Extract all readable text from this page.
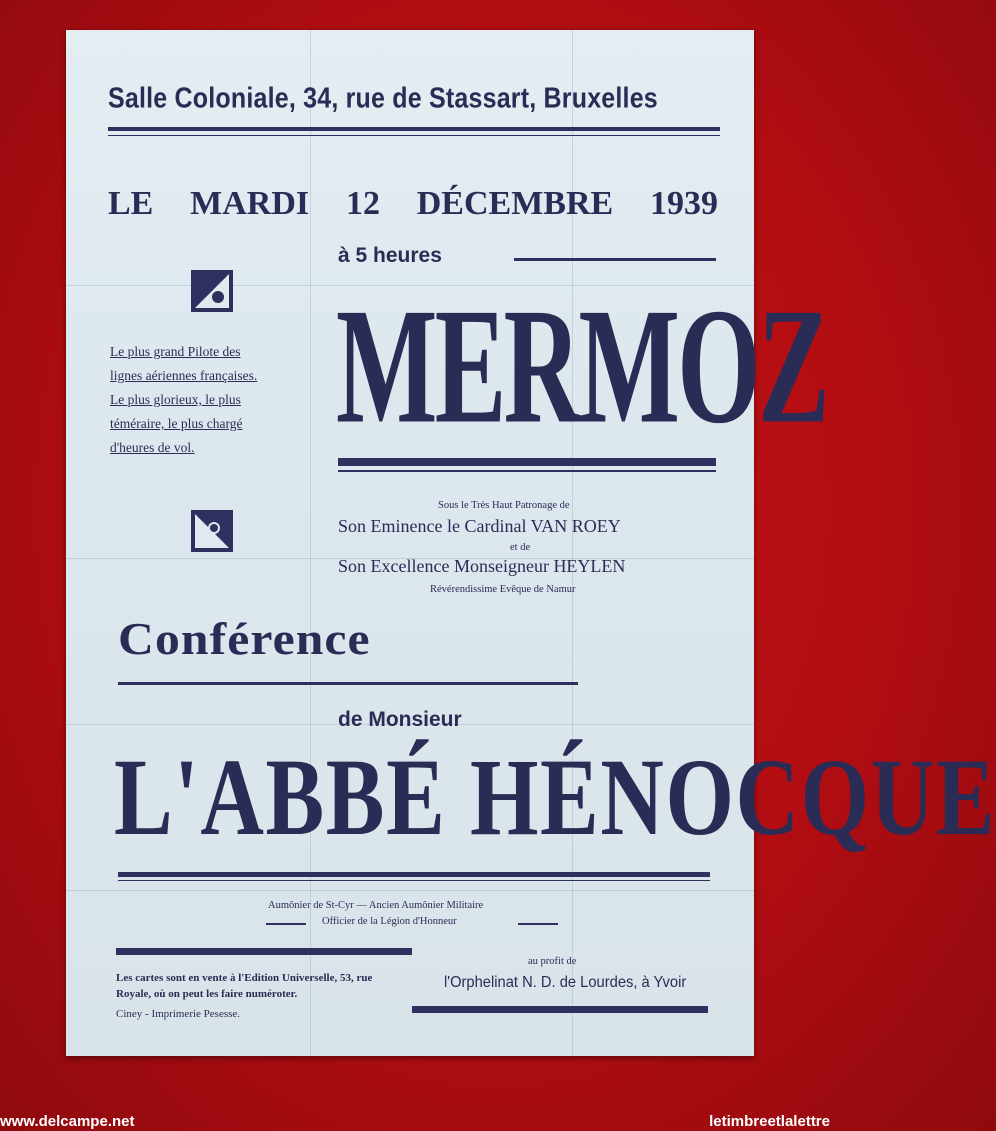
Salle Coloniale, 34, rue de Stassart, Bruxelles
LE MARDI 12 DÉCEMBRE 1939
à 5 heures
Le plus grand Pilote des
lignes aériennes françaises.
Le plus glorieux, le plus
téméraire, le plus chargé
d'heures de vol. MERMOZ
Sous le Très Haut Patronage de
Son Eminence le Cardinal VAN ROEY
et de
Son Excellence Monseigneur HEYLEN
Révérendissime Evêque de Namur
Conférence
de Monsieur
L'ABBÉ HÉNOCQUE
Aumônier de St-Cyr — Ancien Aumônier Militaire
Officier de la Légion d'Honneur
Les cartes sont en vente à l'Edition Universelle, 53, rue
Royale, où on peut les faire numéroter.
Ciney - Imprimerie Pesesse.
au profit de
l'Orphelinat N. D. de Lourdes, à Yvoir
www.delcampe.net	letimbreetlalettre
